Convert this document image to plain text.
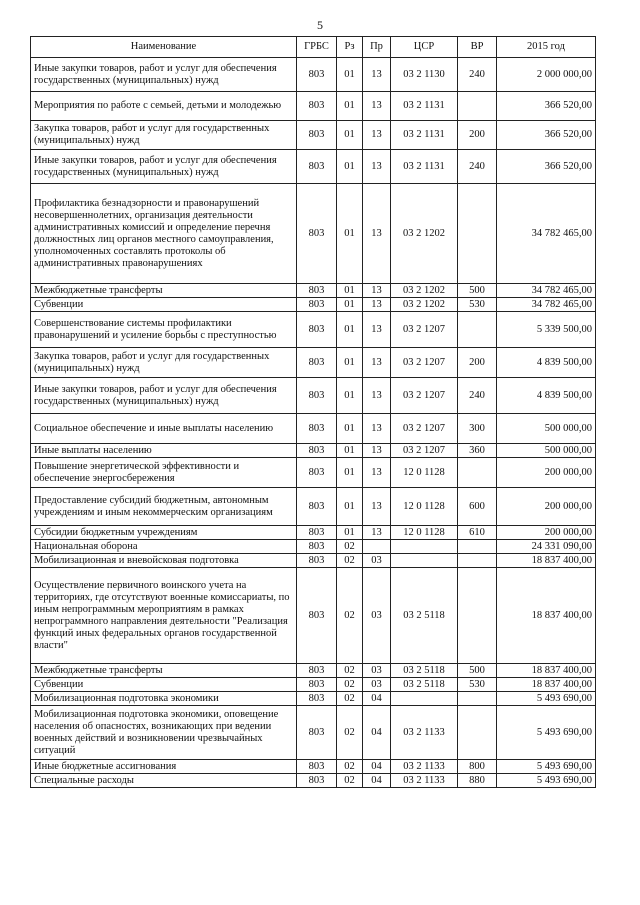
5
Наименование	ГРБС	Рз	Пр	ЦСР	ВР	2015 год
Иные закупки товаров, работ и услуг для обеспечения государственных (муниципальных) нужд	803	01	13	03 2 1130	240	2 000 000,00
Мероприятия по работе с семьей, детьми и молодежью	803	01	13	03 2 1131		366 520,00
Закупка товаров, работ и услуг для государственных (муниципальных) нужд	803	01	13	03 2 1131	200	366 520,00
Иные закупки товаров, работ и услуг для обеспечения государственных (муниципальных) нужд	803	01	13	03 2 1131	240	366 520,00
Профилактика безнадзорности и правонарушений несовершеннолетних, организация деятельности административных комиссий и определение перечня должностных лиц органов местного самоуправления, уполномоченных составлять протоколы об административных правонарушениях	803	01	13	03 2 1202		34 782 465,00
Межбюджетные трансферты	803	01	13	03 2 1202	500	34 782 465,00
Субвенции	803	01	13	03 2 1202	530	34 782 465,00
Совершенствование системы профилактики правонарушений и усиление борьбы с преступностью	803	01	13	03 2 1207		5 339 500,00
Закупка товаров, работ и услуг для государственных (муниципальных) нужд	803	01	13	03 2 1207	200	4 839 500,00
Иные закупки товаров, работ и услуг для обеспечения государственных (муниципальных) нужд	803	01	13	03 2 1207	240	4 839 500,00
Социальное обеспечение и иные выплаты населению	803	01	13	03 2 1207	300	500 000,00
Иные выплаты населению	803	01	13	03 2 1207	360	500 000,00
Повышение энергетической эффективности и обеспечение энергосбережения	803	01	13	12 0 1128		200 000,00
Предоставление субсидий бюджетным, автономным учреждениям и иным некоммерческим организациям	803	01	13	12 0 1128	600	200 000,00
Субсидии бюджетным учреждениям	803	01	13	12 0 1128	610	200 000,00
Национальная оборона	803	02				24 331 090,00
Мобилизационная и вневойсковая подготовка	803	02	03			18 837 400,00
Осуществление первичного воинского учета на территориях, где отсутствуют военные комиссариаты, по иным непрограммным мероприятиям в рамках непрограммного направления деятельности "Реализация функций иных федеральных органов государственной власти"	803	02	03	03 2 5118		18 837 400,00
Межбюджетные трансферты	803	02	03	03 2 5118	500	18 837 400,00
Субвенции	803	02	03	03 2 5118	530	18 837 400,00
Мобилизационная подготовка экономики	803	02	04			5 493 690,00
Мобилизационная подготовка экономики, оповещение населения об опасностях, возникающих при ведении военных действий и возникновении чрезвычайных ситуаций	803	02	04	03 2 1133		5 493 690,00
Иные бюджетные ассигнования	803	02	04	03 2 1133	800	5 493 690,00
Специальные расходы	803	02	04	03 2 1133	880	5 493 690,00
